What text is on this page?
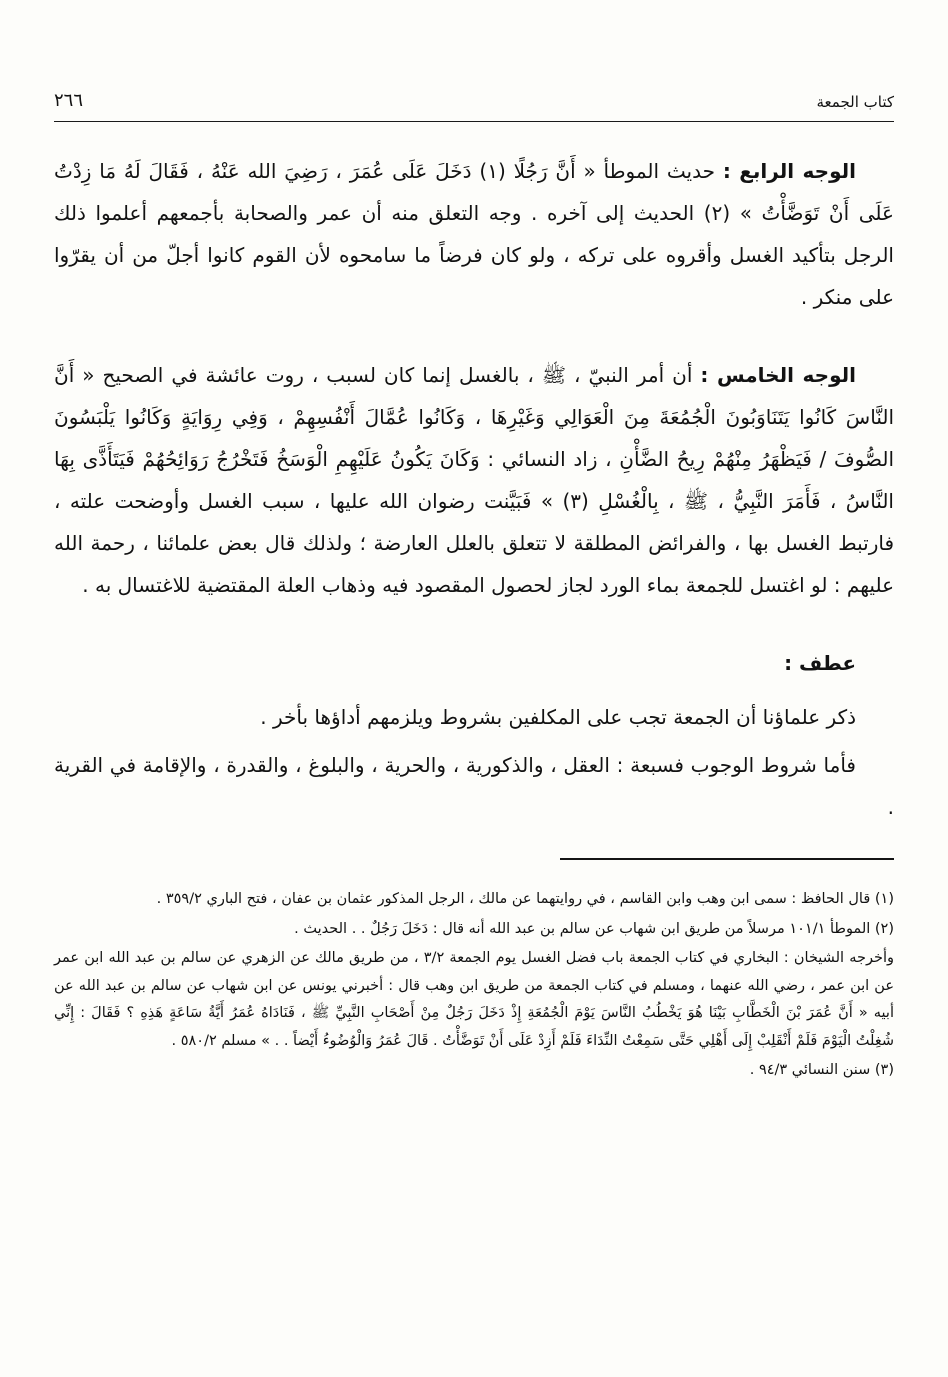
كتاب الجمعة
٢٦٦

الوجه الرابع : حديث الموطأ « أَنَّ رَجُلًا (١) دَخَلَ عَلَى عُمَرَ ، رَضِيَ الله عَنْهُ ، فَقَالَ لَهُ مَا زِدْتُ عَلَى أَنْ تَوَضَّأْتُ » (٢) الحديث إلى آخره . وجه التعلق منه أن عمر والصحابة بأجمعهم أعلموا ذلك الرجل بتأكيد الغسل وأقروه على تركه ، ولو كان فرضاً ما سامحوه لأن القوم كانوا أجلّ من أن يقرّوا على منكر .

الوجه الخامس : أن أمر النبيّ ، ﷺ ، بالغسل إنما كان لسبب ، روت عائشة في الصحيح « أَنَّ النَّاسَ كَانُوا يَتَنَاوَبُونَ الْجُمُعَةَ مِنَ الْعَوَالِي وَغَيْرِهَا ، وَكَانُوا عُمَّالَ أَنْفُسِهِمْ ، وَفِي رِوَايَةٍ وَكَانُوا يَلْبَسُونَ الصُّوفَ / فَيَظْهَرُ مِنْهُمْ رِيحُ الضَّأْنِ ، زاد النسائي : وَكَانَ يَكُونُ عَلَيْهِمِ الْوَسَخُ فَتَخْرُجُ رَوَائِحُهُمْ فَيَتَأَذَّى بِهَا النَّاسُ ، فَأَمَرَ النَّبِيُّ ، ﷺ ، بِالْغُسْلِ (٣) » فَبَيَّنت رضوان الله عليها ، سبب الغسل وأوضحت علته ، فارتبط الغسل بها ، والفرائض المطلقة لا تتعلق بالعلل العارضة ؛ ولذلك قال بعض علمائنا ، رحمة الله عليهم : لو اغتسل للجمعة بماء الورد لجاز لحصول المقصود فيه وذهاب العلة المقتضية للاغتسال به .

عطف :

ذكر علماؤنا أن الجمعة تجب على المكلفين بشروط ويلزمهم أداؤها بأخر .

فأما شروط الوجوب فسبعة : العقل ، والذكورية ، والحرية ، والبلوغ ، والقدرة ، والإقامة في القرية .

(١) قال الحافظ : سمى ابن وهب وابن القاسم ، في روايتهما عن مالك ، الرجل المذكور عثمان بن عفان ، فتح الباري ٣٥٩/٢ .

(٢) الموطأ ١٠١/١ مرسلاً من طريق ابن شهاب عن سالم بن عبد الله أنه قال : دَخَلَ رَجُلٌ . . الحديث .

وأخرجه الشيخان : البخاري في كتاب الجمعة باب فضل الغسل يوم الجمعة ٣/٢ ، من طريق مالك عن الزهري عن سالم بن عبد الله ابن عمر عن ابن عمر ، رضي الله عنهما ، ومسلم في كتاب الجمعة من طريق ابن وهب قال : أخبرني يونس عن ابن شهاب عن سالم بن عبد الله عن أبيه « أَنَّ عُمَرَ بْنَ الْخَطَّابِ بَيْنَا هُوَ يَخْطُبُ النَّاسَ يَوْمَ الْجُمُعَةِ إِذْ دَخَلَ رَجُلٌ مِنْ أَصْحَابِ النَّبِيِّ ﷺ ، فَنَادَاهُ عُمَرُ أَيَّةُ سَاعَةٍ هَذِهِ ؟ فَقَالَ : إِنِّي شُغِلْتُ الْيَوْمَ فَلَمْ أَنْقَلِبْ إِلَى أَهْلِي حَتَّى سَمِعْتُ النِّدَاءَ فَلَمْ أَزِدْ عَلَى أَنْ تَوَضَّأْتُ . قَالَ عُمَرُ وَالْوُضُوءُ أَيْضاً . . » مسلم ٥٨٠/٢ .

(٣) سنن النسائي ٩٤/٣ .
